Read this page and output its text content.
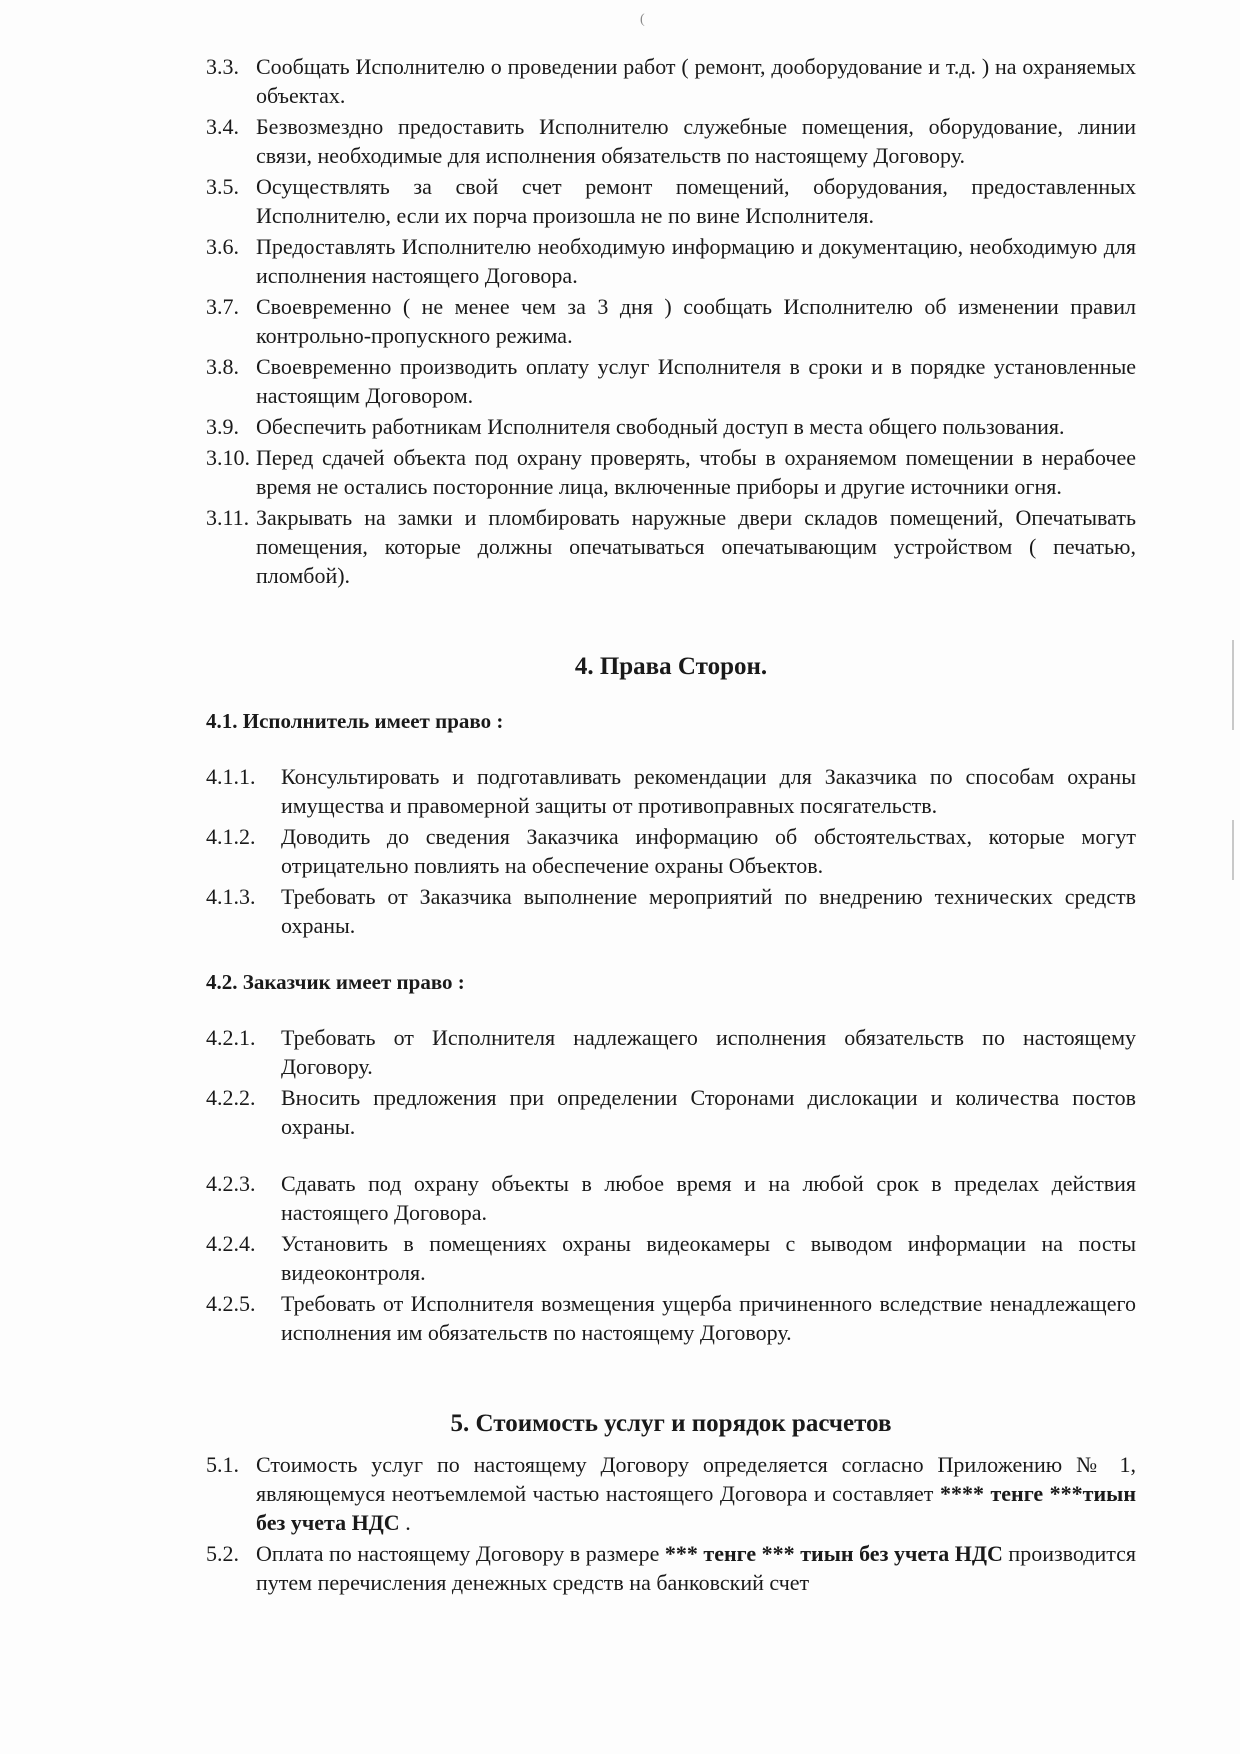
(
3.3. Сообщать Исполнителю о проведении работ ( ремонт, дооборудование и т.д. ) на охраняемых объектах.
3.4. Безвозмездно предоставить Исполнителю служебные помещения, оборудование, линии связи, необходимые для исполнения обязательств по настоящему Договору.
3.5. Осуществлять за свой счет ремонт помещений, оборудования, предоставленных Исполнителю, если их порча произошла не по вине Исполнителя.
3.6. Предоставлять Исполнителю необходимую информацию и документацию, необходимую для исполнения настоящего Договора.
3.7. Своевременно ( не менее чем за 3 дня ) сообщать Исполнителю об изменении правил контрольно-пропускного режима.
3.8. Своевременно производить оплату услуг Исполнителя в сроки и в порядке установленные настоящим Договором.
3.9. Обеспечить работникам Исполнителя свободный доступ в места общего пользования.
3.10. Перед сдачей объекта под охрану проверять, чтобы в охраняемом помещении в нерабочее время не остались посторонние лица, включенные приборы и другие источники огня.
3.11. Закрывать на замки и пломбировать наружные двери складов помещений, Опечатывать помещения, которые должны опечатываться опечатывающим устройством ( печатью, пломбой).

4. Права Сторон.

4.1. Исполнитель имеет право :

4.1.1.	Консультировать и подготавливать рекомендации для Заказчика по способам охраны имущества и правомерной защиты от противоправных посягательств.
4.1.2.	Доводить до сведения Заказчика информацию об обстоятельствах, которые могут отрицательно повлиять на обеспечение охраны Объектов.
4.1.3.	Требовать от Заказчика выполнение мероприятий по внедрению технических средств охраны.

4.2. Заказчик имеет право :

4.2.1.	Требовать от Исполнителя надлежащего исполнения обязательств по настоящему Договору.
4.2.2.	Вносить предложения при определении Сторонами дислокации и количества постов охраны.
4.2.3.	Сдавать под охрану объекты в любое время и на любой срок в пределах действия настоящего Договора.
4.2.4.	Установить в помещениях охраны видеокамеры с выводом информации на посты видеоконтроля.
4.2.5.	Требовать от Исполнителя возмещения ущерба причиненного вследствие ненадлежащего исполнения им обязательств по настоящему Договору.

5. Стоимость услуг и порядок расчетов

5.1. Стоимость услуг по настоящему Договору определяется согласно Приложению № 1, являющемуся неотъемлемой частью настоящего Договора и составляет **** тенге ***тиын без учета НДС .
5.2. Оплата по настоящему Договору в размере *** тенге *** тиын без учета НДС производится путем перечисления денежных средств на банковский счет
